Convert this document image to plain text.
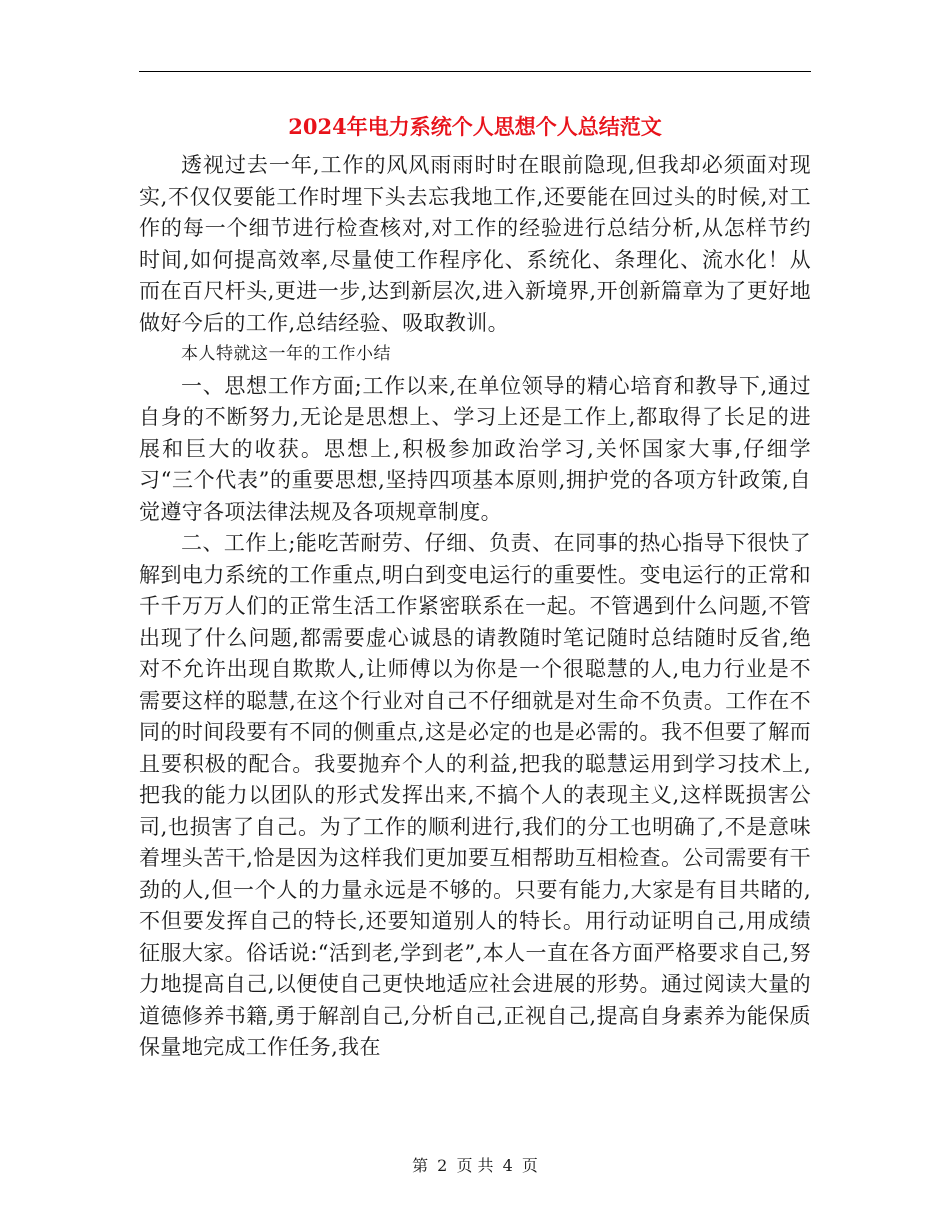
2024年电力系统个人思想个人总结范文

透视过去一年,工作的风风雨雨时时在眼前隐现,但我却必须面对现实,不仅仅要能工作时埋下头去忘我地工作,还要能在回过头的时候,对工作的每一个细节进行检查核对,对工作的经验进行总结分析,从怎样节约时间,如何提高效率,尽量使工作程序化、系统化、条理化、流水化！从而在百尺杆头,更进一步,达到新层次,进入新境界,开创新篇章为了更好地做好今后的工作,总结经验、吸取教训。

本人特就这一年的工作小结

一、思想工作方面;工作以来,在单位领导的精心培育和教导下,通过自身的不断努力,无论是思想上、学习上还是工作上,都取得了长足的进展和巨大的收获。思想上,积极参加政治学习,关怀国家大事,仔细学习“三个代表”的重要思想,坚持四项基本原则,拥护党的各项方针政策,自觉遵守各项法律法规及各项规章制度。

二、工作上;能吃苦耐劳、仔细、负责、在同事的热心指导下很快了解到电力系统的工作重点,明白到变电运行的重要性。变电运行的正常和千千万万人们的正常生活工作紧密联系在一起。不管遇到什么问题,不管出现了什么问题,都需要虚心诚恳的请教随时笔记随时总结随时反省,绝对不允许出现自欺欺人,让师傅以为你是一个很聪慧的人,电力行业是不需要这样的聪慧,在这个行业对自己不仔细就是对生命不负责。工作在不同的时间段要有不同的侧重点,这是必定的也是必需的。我不但要了解而且要积极的配合。我要抛弃个人的利益,把我的聪慧运用到学习技术上,把我的能力以团队的形式发挥出来,不搞个人的表现主义,这样既损害公司,也损害了自己。为了工作的顺利进行,我们的分工也明确了,不是意味着埋头苦干,恰是因为这样我们更加要互相帮助互相检查。公司需要有干劲的人,但一个人的力量永远是不够的。只要有能力,大家是有目共睹的,不但要发挥自己的特长,还要知道别人的特长。用行动证明自己,用成绩征服大家。俗话说:“活到老,学到老”,本人一直在各方面严格要求自己,努力地提高自己,以便使自己更快地适应社会进展的形势。通过阅读大量的道德修养书籍,勇于解剖自己,分析自己,正视自己,提高自身素养为能保质保量地完成工作任务,我在

第 2 页 共 4 页
